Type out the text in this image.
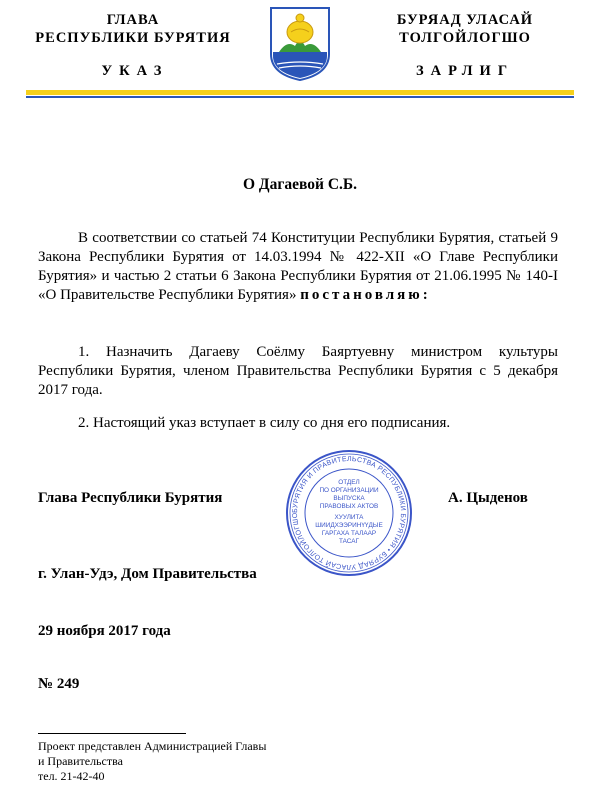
ГЛАВА
РЕСПУБЛИКИ БУРЯТИЯ
БУРЯАД УЛАСАЙ
ТОЛГОЙЛОГШО
УКАЗ	ЗАРЛИГ
О Дагаевой С.Б.

В соответствии со статьей 74 Конституции Республики Бурятия, статьей 9 Закона Республики Бурятия от 14.03.1994 № 422-XII «О Главе Республики Бурятия» и частью 2 статьи 6 Закона Республики Бурятия от 21.06.1995 № 140-I «О Правительстве Республики Бурятия» постановляю:

1. Назначить Дагаеву Соёлму Баяртуевну министром культуры Республики Бурятия, членом Правительства Республики Бурятия с 5 декабря 2017 года.

2. Настоящий указ вступает в силу со дня его подписания.

Глава Республики Бурятия	А. Цыденов
БУРЯТИЯ И ПРАВИТЕЛЬСТВА РЕСПУБЛИКИ БУРЯТИЯ • БУРЯАД УЛАСАЙ ТОЛГОЙЛОГШО
ОТДЕЛ
ПО ОРГАНИЗАЦИИ
ВЫПУСКА
ПРАВОВЫХ АКТОВ
ХУУЛИТА
ШИИДХЭЭРИНҮҮДЫЕ
ГАРГАХА ТАЛААР
ТАСАГ
г. Улан-Удэ, Дом Правительства
29 ноября 2017 года
№ 249
Проект представлен Администрацией Главы
и Правительства
тел. 21-42-40
